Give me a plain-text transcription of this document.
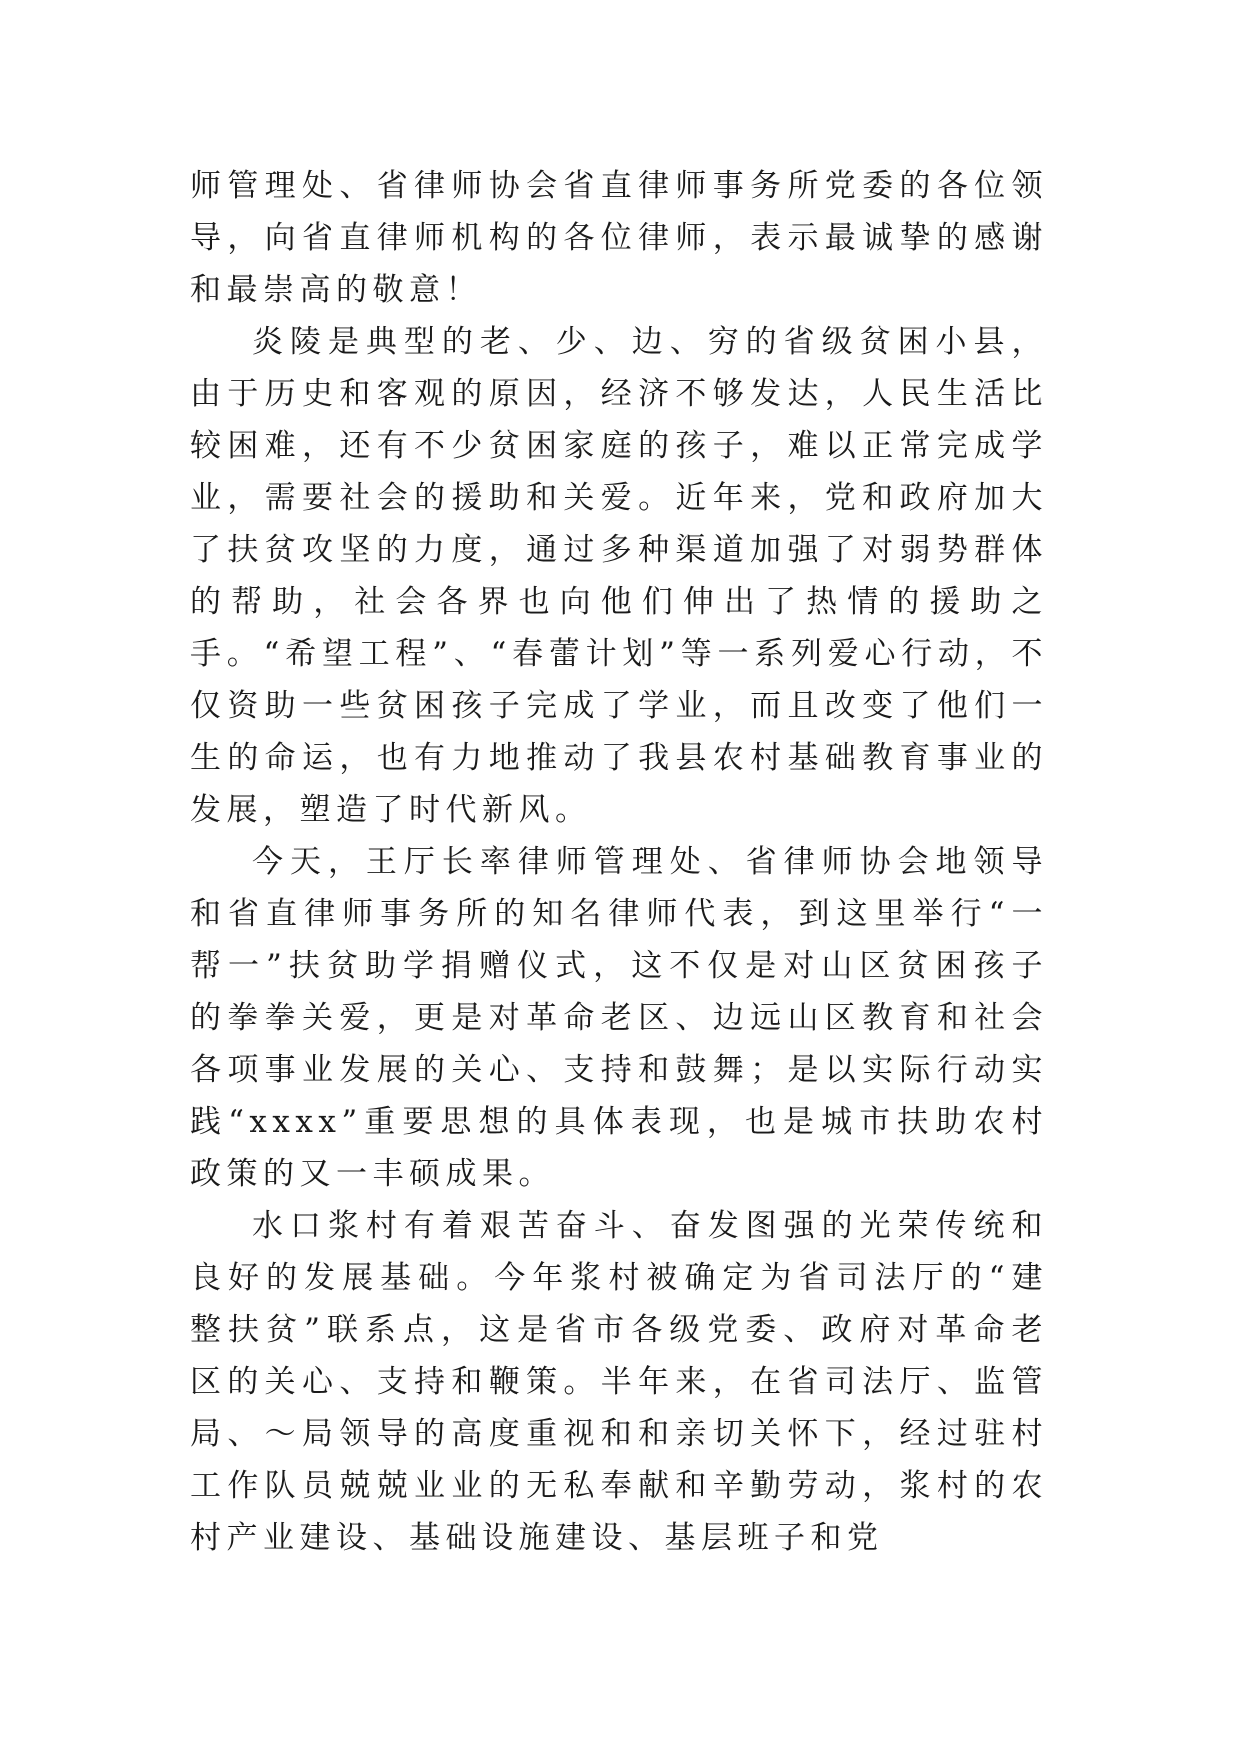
师管理处、省律师协会省直律师事务所党委的各位领导，向省直律师机构的各位律师，表示最诚挚的感谢和最崇高的敬意！

炎陵是典型的老、少、边、穷的省级贫困小县，由于历史和客观的原因，经济不够发达，人民生活比较困难，还有不少贫困家庭的孩子，难以正常完成学业，需要社会的援助和关爱。近年来，党和政府加大了扶贫攻坚的力度，通过多种渠道加强了对弱势群体的帮助，社会各界也向他们伸出了热情的援助之手。“希望工程”、“春蕾计划”等一系列爱心行动，不仅资助一些贫困孩子完成了学业，而且改变了他们一生的命运，也有力地推动了我县农村基础教育事业的发展，塑造了时代新风。

今天，王厅长率律师管理处、省律师协会地领导和省直律师事务所的知名律师代表，到这里举行“一帮一”扶贫助学捐赠仪式，这不仅是对山区贫困孩子的拳拳关爱，更是对革命老区、边远山区教育和社会各项事业发展的关心、支持和鼓舞；是以实际行动实践“xxxx”重要思想的具体表现，也是城市扶助农村政策的又一丰硕成果。

水口浆村有着艰苦奋斗、奋发图强的光荣传统和良好的发展基础。今年浆村被确定为省司法厅的“建整扶贫”联系点，这是省市各级党委、政府对革命老区的关心、支持和鞭策。半年来，在省司法厅、监管局、～局领导的高度重视和和亲切关怀下，经过驻村工作队员兢兢业业的无私奉献和辛勤劳动，浆村的农村产业建设、基础设施建设、基层班子和党
